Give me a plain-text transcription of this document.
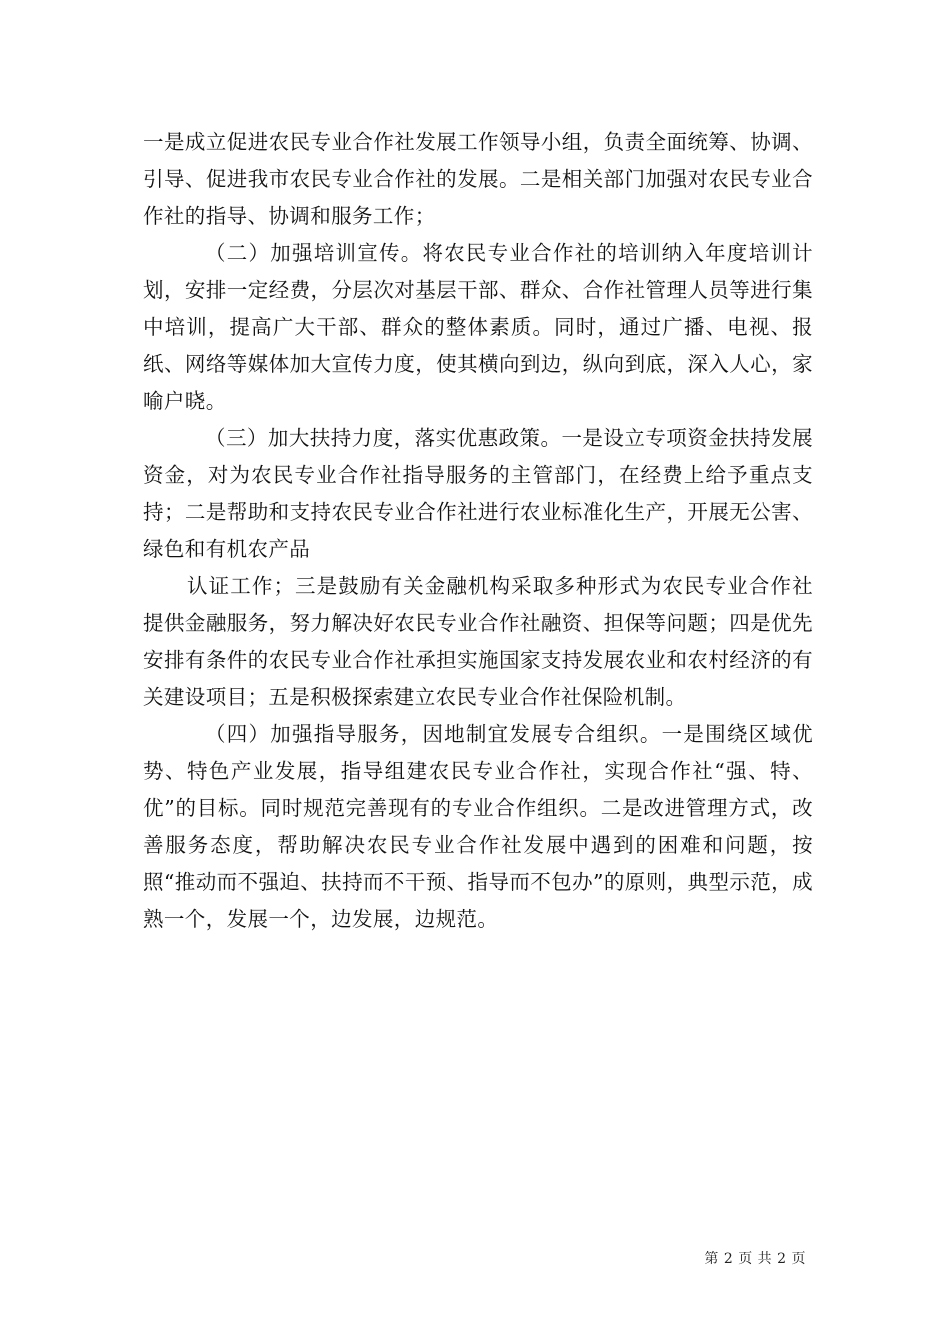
一是成立促进农民专业合作社发展工作领导小组，负责全面统筹、协调、引导、促进我市农民专业合作社的发展。二是相关部门加强对农民专业合作社的指导、协调和服务工作；

（二）加强培训宣传。将农民专业合作社的培训纳入年度培训计划，安排一定经费，分层次对基层干部、群众、合作社管理人员等进行集中培训，提高广大干部、群众的整体素质。同时，通过广播、电视、报纸、网络等媒体加大宣传力度，使其横向到边，纵向到底，深入人心，家喻户晓。

（三）加大扶持力度，落实优惠政策。一是设立专项资金扶持发展资金，对为农民专业合作社指导服务的主管部门，在经费上给予重点支持；二是帮助和支持农民专业合作社进行农业标准化生产，开展无公害、绿色和有机农产品

认证工作；三是鼓励有关金融机构采取多种形式为农民专业合作社提供金融服务，努力解决好农民专业合作社融资、担保等问题；四是优先安排有条件的农民专业合作社承担实施国家支持发展农业和农村经济的有关建设项目；五是积极探索建立农民专业合作社保险机制。

（四）加强指导服务，因地制宜发展专合组织。一是围绕区域优势、特色产业发展，指导组建农民专业合作社，实现合作社“强、特、优”的目标。同时规范完善现有的专业合作组织。二是改进管理方式，改善服务态度，帮助解决农民专业合作社发展中遇到的困难和问题，按照“推动而不强迫、扶持而不干预、指导而不包办”的原则，典型示范，成熟一个，发展一个，边发展，边规范。

第 2 页 共 2 页
